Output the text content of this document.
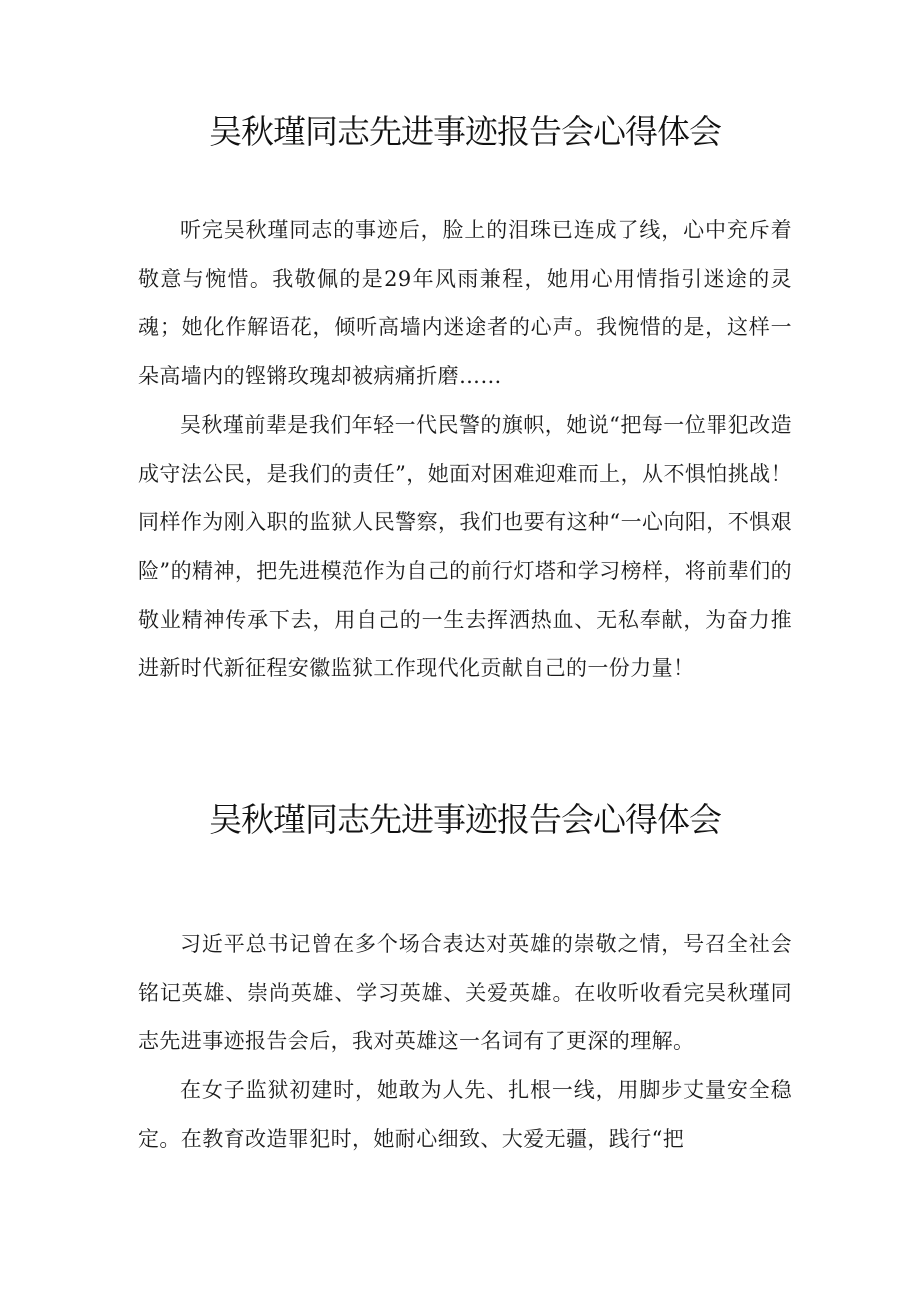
吴秋瑾同志先进事迹报告会心得体会

听完吴秋瑾同志的事迹后，脸上的泪珠已连成了线，心中充斥着敬意与惋惜。我敬佩的是29年风雨兼程，她用心用情指引迷途的灵魂；她化作解语花，倾听高墙内迷途者的心声。我惋惜的是，这样一朵高墙内的铿锵玫瑰却被病痛折磨……

吴秋瑾前辈是我们年轻一代民警的旗帜，她说“把每一位罪犯改造成守法公民，是我们的责任”，她面对困难迎难而上，从不惧怕挑战！同样作为刚入职的监狱人民警察，我们也要有这种“一心向阳，不惧艰险”的精神，把先进模范作为自己的前行灯塔和学习榜样，将前辈们的敬业精神传承下去，用自己的一生去挥洒热血、无私奉献，为奋力推进新时代新征程安徽监狱工作现代化贡献自己的一份力量！

吴秋瑾同志先进事迹报告会心得体会

习近平总书记曾在多个场合表达对英雄的崇敬之情，号召全社会铭记英雄、崇尚英雄、学习英雄、关爱英雄。在收听收看完吴秋瑾同志先进事迹报告会后，我对英雄这一名词有了更深的理解。

在女子监狱初建时，她敢为人先、扎根一线，用脚步丈量安全稳定。在教育改造罪犯时，她耐心细致、大爱无疆，践行“把
